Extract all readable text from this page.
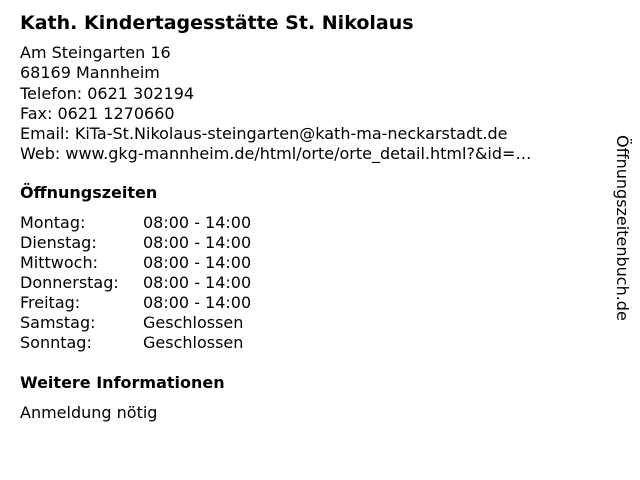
Kath. Kindertagesstätte St. Nikolaus
Am Steingarten 16
68169 Mannheim
Telefon: 0621 302194
Fax: 0621 1270660
Email: KiTa-St.Nikolaus-steingarten@kath-ma-neckarstadt.de
Web: www.gkg-mannheim.de/html/orte/orte_detail.html?&id=…
Öffnungszeiten
Montag:	08:00 - 14:00
Dienstag:	08:00 - 14:00
Mittwoch:	08:00 - 14:00
Donnerstag: 08:00 - 14:00
Freitag:	08:00 - 14:00
Samstag:	Geschlossen
Sonntag:	Geschlossen
Weitere Informationen
Anmeldung nötig
Öffnungszeitenbuch.de
